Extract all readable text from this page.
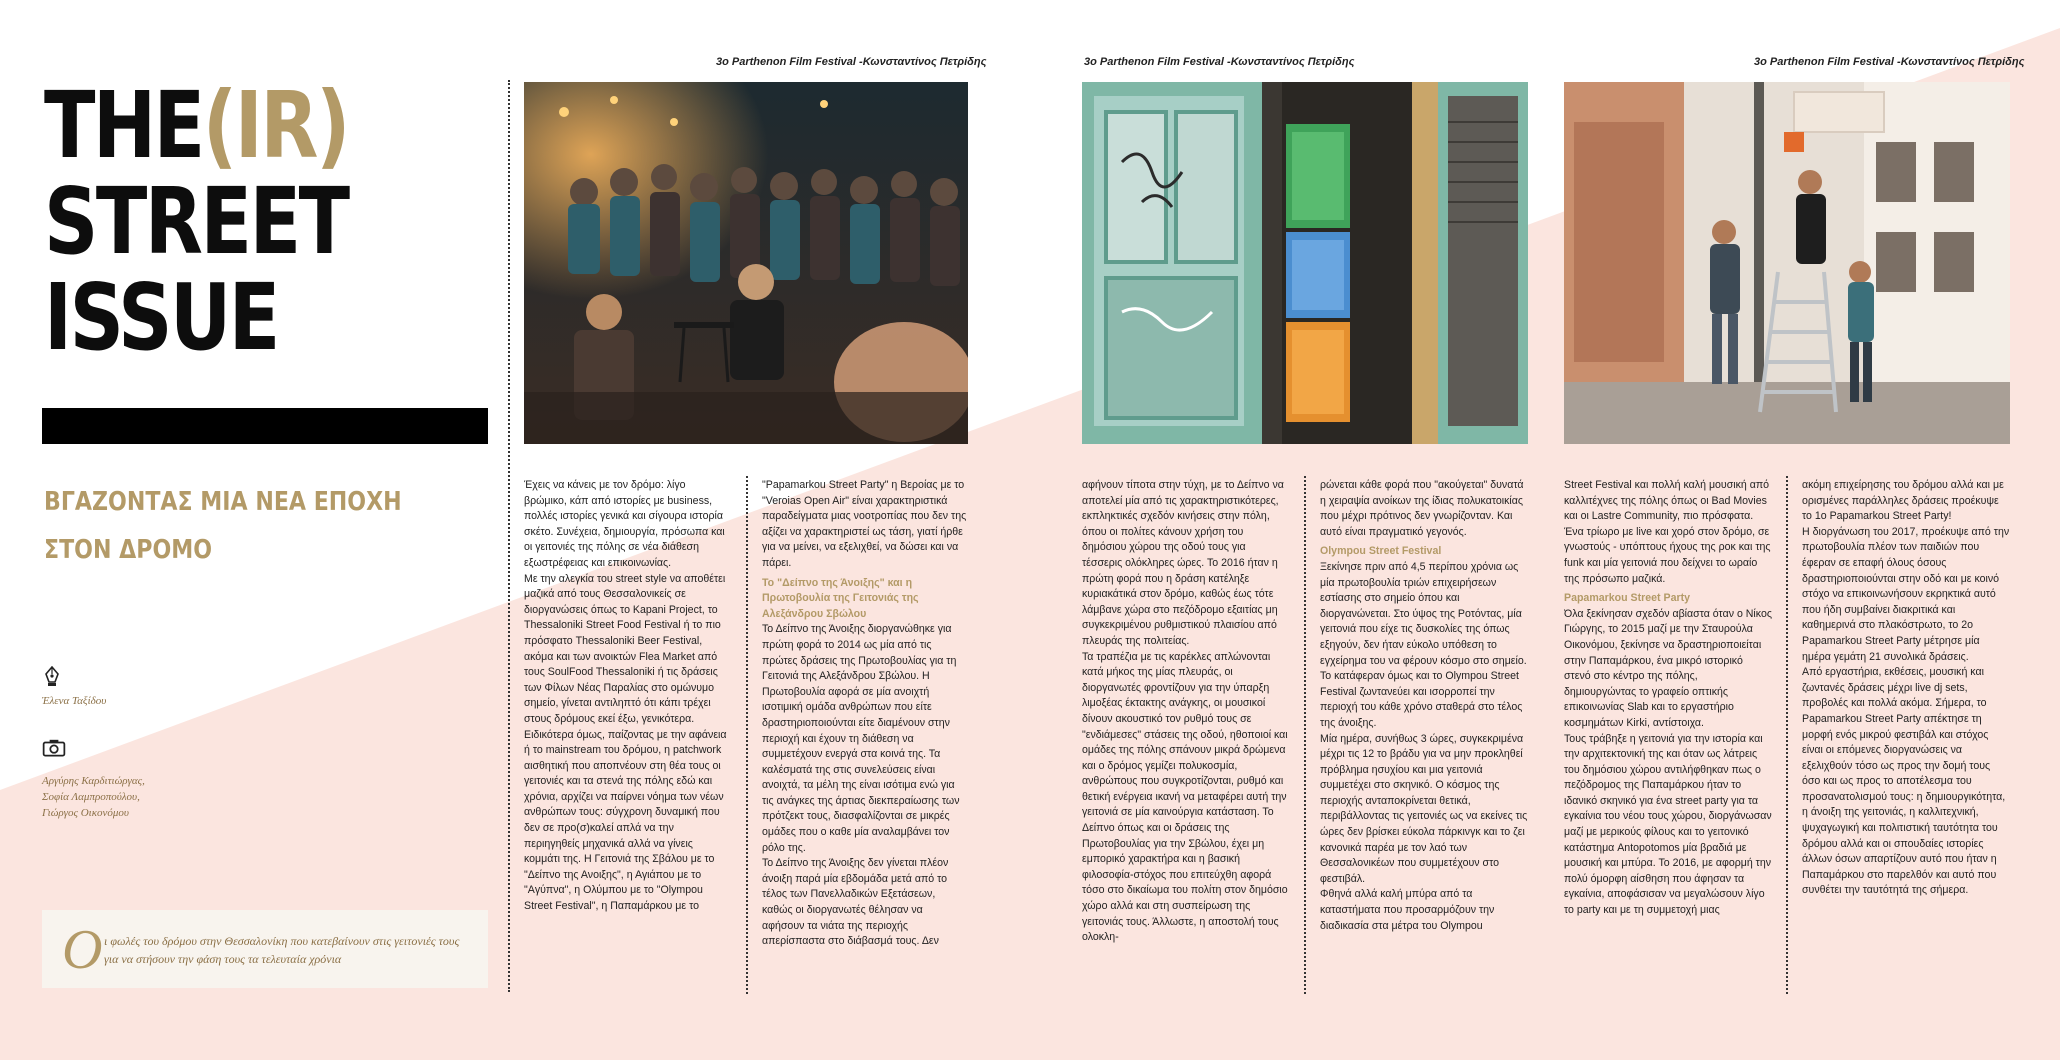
THE(IR)
STREET
ISSUE
ΒΓΑΖΟΝΤΑΣ ΜΙΑ ΝΕΑ ΕΠΟΧΗ
ΣΤΟΝ ΔΡΟΜΟ
Έλενα Ταξίδου
Αργύρης Καρδιτιώργας,
Σοφία Λαμπροπούλου,
Γιώργος Οικονόμου
Ο ι φωλές του δρόμου στην Θεσσαλονίκη που κατεβαίνουν στις γειτονιές τους για να στήσουν την φάση τους τα τελευταία χρόνια
3o Parthenon Film Festival -Κωνσταντίνος Πετρίδης	3o Parthenon Film Festival -Κωνσταντίνος Πετρίδης	3o Parthenon Film Festival -Κωνσταντίνος Πετρίδης

Έχεις να κάνεις με τον δρόμο: λίγο βρώμικο, κάπ από ιστορίες με business, πολλές ιστορίες γενικά και σίγουρα ιστορία σκέτο. Συνέχεια, δημιουργία, πρόσωπα και οι γειτονιές της πόλης σε νέα διάθεση εξωστρέφειας και επικοινωνίας.

Με την αλεγκία του street style να αποθέτει μαζικά από τους Θεσσαλονικείς σε διοργανώσεις όπως το Kapani Project, το Thessaloniki Street Food Festival ή το πιο πρόσφατο Thessaloniki Beer Festival, ακόμα και των ανοικτών Flea Market από τους SoulFood Thessaloniki ή τις δράσεις των Φίλων Νέας Παραλίας στο ομώνυμο σημείο, γίνεται αντιληπτό ότι κάπι τρέχει στους δρόμους εκεί έξω, γενικότερα.

Ειδικότερα όμως, παίζοντας με την αφάνεια ή το mainstream του δρόμου, η patchwork αισθητική που αποπνέουν στη θέα τους οι γειτονιές και τα στενά της πόλης εδώ και χρόνια, αρχίζει να παίρνει νόημα των νέων ανθρώπων τους: σύγχρονη δυναμική που δεν σε προ(σ)καλεί απλά να την περιηγηθείς μηχανικά αλλά να γίνεις κομμάτι της. Η Γειτονιά της Σβάλου με το "Δείπνο της Ανοιξης", η Αγιάπου με το "Aγύπνα", η Ολύμπου με το "Olympou Street Festival", η Παπαμάρκου με το

"Papamarkou Street Party" η Βεροίας με το "Veroias Open Air" είναι χαρακτηριστικά παραδείγματα μιας νοοτροπίας που δεν της αξίζει να χαρακτηριστεί ως τάση, γιατί ήρθε για να μείνει, να εξελιχθεί, να δώσει και να πάρει.

Το "Δείπνο της Άνοιξης" και η Πρωτοβουλία της Γειτονιάς της Αλεξάνδρου Σβώλου

Το Δείπνο της Άνοιξης διοργανώθηκε για πρώτη φορά το 2014 ως μία από τις πρώτες δράσεις της Πρωτοβουλίας για τη Γειτονιά της Αλεξάνδρου Σβώλου. Η Πρωτοβουλία αφορά σε μία ανοιχτή ισοτιμική ομάδα ανθρώπων που είτε δραστηριοποιούνται είτε διαμένουν στην περιοχή και έχουν τη διάθεση να συμμετέχουν ενεργά στα κοινά της. Τα καλέσματά της στις συνελεύσεις είναι ανοιχτά, τα μέλη της είναι ισότιμα ενώ για τις ανάγκες της άρτιας διεκπεραίωσης των πρότζεκτ τους, διασφαλίζονται σε μικρές ομάδες που ο καθε μία αναλαμβάνει τον ρόλο της.

Το Δείπνο της Άνοιξης δεν γίνεται πλέον άνοιξη παρά μία εβδομάδα μετά από το τέλος των Πανελλαδικών Εξετάσεων, καθώς οι διοργανωτές θέλησαν να αφήσουν τα νιάτα της περιοχής απερίσπαστα στο διάβασμά τους. Δεν

αφήνουν τίποτα στην τύχη, με το Δείπνο να αποτελεί μία από τις χαρακτηριστικότερες, εκπληκτικές σχεδόν κινήσεις στην πόλη, όπου οι πολίτες κάνουν χρήση του δημόσιου χώρου της οδού τους για τέσσερις ολόκληρες ώρες. Το 2016 ήταν η πρώτη φορά που η δράση κατέληξε κυριακάτικά στον δρόμο, καθώς έως τότε λάμβανε χώρα στο πεζόδρομο εξαιτίας μη συγκεκριμένου ρυθμιστικού πλαισίου από πλευράς της πολιτείας.

Τα τραπέζια με τις καρέκλες απλώνονται κατά μήκος της μίας πλευράς, οι διοργανωτές φροντίζουν για την ύπαρξη λιμοξέας έκτακτης ανάγκης, οι μουσικοί δίνουν ακουστικό τον ρυθμό τους σε "ενδιάμεσες" στάσεις της οδού, ηθοποιοί και ομάδες της πόλης σπάνουν μικρά δρώμενα και ο δρόμος γεμίζει πολυκοσμία, ανθρώπους που συγκροτίζονται, ρυθμό και θετική ενέργεια ικανή να μεταφέρει αυτή την γειτονιά σε μία καινούργια κατάσταση. Το Δείπνο όπως και οι δράσεις της Πρωτοβουλίας για την Σβώλου, έχει μη εμπορικό χαρακτήρα και η βασική φιλοσοφία-στόχος που επιτεύχθη αφορά τόσο στο δικαίωμα του πολίτη στον δημόσιο χώρο αλλά και στη συσπείρωση της γειτονιάς τους. Άλλωστε, η αποστολή τους ολοκλη-

ρώνεται κάθε φορά που "ακούγεται" δυνατά η χειραψία ανοίκων της ίδιας πολυκατοικίας που μέχρι πρότινος δεν γνωρίζονταν. Και αυτό είναι πραγματικό γεγονός.

Olympou Street Festival

Ξεκίνησε πριν από 4,5 περίπου χρόνια ως μία πρωτοβουλία τριών επιχειρήσεων εστίασης στο σημείο όπου και διοργανώνεται. Στο ύψος της Ροτόντας, μία γειτονιά που είχε τις δυσκολίες της όπως εξηγούν, δεν ήταν εύκολο υπόθεση το εγχείρημα του να φέρουν κόσμο στο σημείο. Το κατάφεραν όμως και το Olympou Street Festival ζωντανεύει και ισορροπεί την περιοχή του κάθε χρόνο σταθερά στο τέλος της άνοιξης.

Μία ημέρα, συνήθως 3 ώρες, συγκεκριμένα μέχρι τις 12 το βράδυ για να μην προκληθεί πρόβλημα ησυχίου και μια γειτονιά συμμετέχει στο σκηνικό. Ο κόσμος της περιοχής ανταποκρίνεται θετικά, περιβάλλοντας τις γειτονιές ως να εκείνες τις ώρες δεν βρίσκει εύκολα πάρκινγκ και το ζει κανονικά παρέα με τον λαό των Θεσσαλονικέων που συμμετέχουν στο φεστιβάλ.

Φθηνά αλλά καλή μπύρα από τα καταστήματα που προσαρμόζουν την διαδικασία στα μέτρα του Olympou

Street Festival και πολλή καλή μουσική από καλλιτέχνες της πόλης όπως οι Bad Movies και οι Lastre Community, πιο πρόσφατα. Ένα τρίωρο με live και χορό στον δρόμο, σε γνωστούς - υπόπτους ήχους της ροκ και της funk και μία γειτονιά που δείχνει το ωραίο της πρόσωπο μαζικά.

Papamarkou Street Party

Όλα ξεκίνησαν σχεδόν αβίαστα όταν ο Νίκος Γιώργης, το 2015 μαζί με την Σταυρούλα Οικονόμου, ξεκίνησε να δραστηριοποιείται στην Παπαμάρκου, ένα μικρό ιστορικό στενό στο κέντρο της πόλης, δημιουργώντας το γραφείο οπτικής επικοινωνίας Slab και το εργαστήριο κοσμημάτων Kirki, αντίστοιχα.

Τους τράβηξε η γειτονιά για την ιστορία και την αρχιτεκτονική της και όταν ως λάτρεις του δημόσιου χώρου αντιλήφθηκαν πως ο πεζόδρομος της Παπαμάρκου ήταν το ιδανικό σκηνικό για ένα street party για τα εγκαίνια του νέου τους χώρου, διοργάνωσαν μαζί με μερικούς φίλους και το γειτονικό κατάστημα Antopotomos μία βραδιά με μουσική και μπύρα. Το 2016, με αφορμή την πολύ όμορφη αίσθηση που άφησαν τα εγκαίνια, αποφάσισαν να μεγαλώσουν λίγο το party και με τη συμμετοχή μιας

ακόμη επιχείρησης του δρόμου αλλά και με ορισμένες παράλληλες δράσεις προέκυψε το 1ο Papamarkou Street Party!

Η διοργάνωση του 2017, προέκυψε από την πρωτοβουλία πλέον των παιδιών που έφεραν σε επαφή όλους όσους δραστηριοποιούνται στην οδό και με κοινό στόχο να επικοινωνήσουν εκρηκτικά αυτό που ήδη συμβαίνει διακριτικά και καθημερινά στο πλακόστρωτο, το 2ο Papamarkou Street Party μέτρησε μία ημέρα γεμάτη 21 συνολικά δράσεις.

Από εργαστήρια, εκθέσεις, μουσική και ζωντανές δράσεις μέχρι live dj sets, προβολές και πολλά ακόμα. Σήμερα, το Papamarkou Street Party απέκτησε τη μορφή ενός μικρού φεστιβάλ και στόχος είναι οι επόμενες διοργανώσεις να εξελιχθούν τόσο ως προς την δομή τους όσο και ως προς το αποτέλεσμα του προσανατολισμού τους: η δημιουργικότητα, η άνοιξη της γειτονιάς, η καλλιτεχνική, ψυχαγωγική και πολιτιστική ταυτότητα του δρόμου αλλά και οι σπουδαίες ιστορίες άλλων όσων απαρτίζουν αυτό που ήταν η Παπαμάρκου στο παρελθόν και αυτό που συνθέτει την ταυτότητά της σήμερα.
